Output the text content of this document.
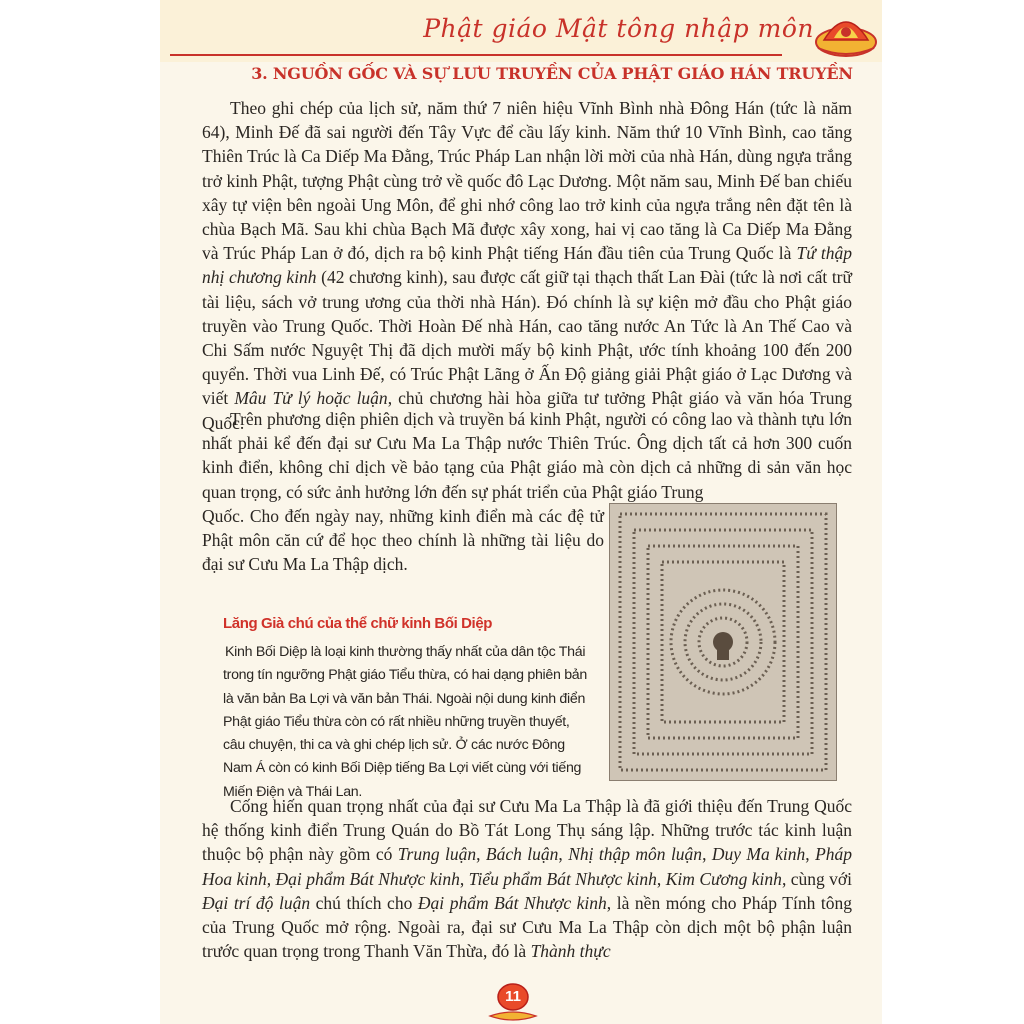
Phật giáo Mật tông nhập môn
3. NGUỒN GỐC VÀ SỰ LƯU TRUYỀN CỦA PHẬT GIÁO HÁN TRUYỀN
Theo ghi chép của lịch sử, năm thứ 7 niên hiệu Vĩnh Bình nhà Đông Hán (tức là năm 64), Minh Đế đã sai người đến Tây Vực để cầu lấy kinh. Năm thứ 10 Vĩnh Bình, cao tăng Thiên Trúc là Ca Diếp Ma Đằng, Trúc Pháp Lan nhận lời mời của nhà Hán, dùng ngựa trắng trở kinh Phật, tượng Phật cùng trở về quốc đô Lạc Dương. Một năm sau, Minh Đế ban chiếu xây tự viện bên ngoài Ung Môn, để ghi nhớ công lao trở kinh của ngựa trắng nên đặt tên là chùa Bạch Mã. Sau khi chùa Bạch Mã được xây xong, hai vị cao tăng là Ca Diếp Ma Đằng và Trúc Pháp Lan ở đó, dịch ra bộ kinh Phật tiếng Hán đầu tiên của Trung Quốc là Tứ thập nhị chương kinh (42 chương kinh), sau được cất giữ tại thạch thất Lan Đài (tức là nơi cất trữ tài liệu, sách vở trung ương của thời nhà Hán). Đó chính là sự kiện mở đầu cho Phật giáo truyền vào Trung Quốc. Thời Hoàn Đế nhà Hán, cao tăng nước An Tức là An Thế Cao và Chi Sấm nước Nguyệt Thị đã dịch mười mấy bộ kinh Phật, ước tính khoảng 100 đến 200 quyển. Thời vua Linh Đế, có Trúc Phật Lãng ở Ấn Độ giảng giải Phật giáo ở Lạc Dương và viết Mâu Tử lý hoặc luận, chủ chương hài hòa giữa tư tưởng Phật giáo và văn hóa Trung Quốc.
Trên phương diện phiên dịch và truyền bá kinh Phật, người có công lao và thành tựu lớn nhất phải kể đến đại sư Cưu Ma La Thập nước Thiên Trúc. Ông dịch tất cả hơn 300 cuốn kinh điển, không chỉ dịch về bảo tạng của Phật giáo mà còn dịch cả những di sản văn học quan trọng, có sức ảnh hưởng lớn đến sự phát triển của Phật giáo Trung
Quốc. Cho đến ngày nay, những kinh điển mà các đệ tử Phật môn căn cứ để học theo chính là những tài liệu do đại sư Cưu Ma La Thập dịch.
Lăng Già chú của thể chữ kinh Bối Diệp
Kinh Bối Diệp là loại kinh thường thấy nhất của dân tộc Thái trong tín ngưỡng Phật giáo Tiểu thừa, có hai dạng phiên bản là văn bản Ba Lợi và văn bản Thái. Ngoài nội dung kinh điển Phật giáo Tiểu thừa còn có rất nhiều những truyền thuyết, câu chuyện, thi ca và ghi chép lịch sử. Ở các nước Đông Nam Á còn có kinh Bối Diệp tiếng Ba Lợi viết cùng với tiếng Miến Điện và Thái Lan.
Cống hiến quan trọng nhất của đại sư Cưu Ma La Thập là đã giới thiệu đến Trung Quốc hệ thống kinh điển Trung Quán do Bồ Tát Long Thụ sáng lập. Những trước tác kinh luận thuộc bộ phận này gồm có Trung luận, Bách luận, Nhị thập môn luận, Duy Ma kinh, Pháp Hoa kinh, Đại phẩm Bát Nhược kinh, Tiểu phẩm Bát Nhược kinh, Kim Cương kinh, cùng với Đại trí độ luận chú thích cho Đại phẩm Bát Nhược kinh, là nền móng cho Pháp Tính tông của Trung Quốc mở rộng. Ngoài ra, đại sư Cưu Ma La Thập còn dịch một bộ phận luận trước quan trọng trong Thanh Văn Thừa, đó là Thành thực
11
